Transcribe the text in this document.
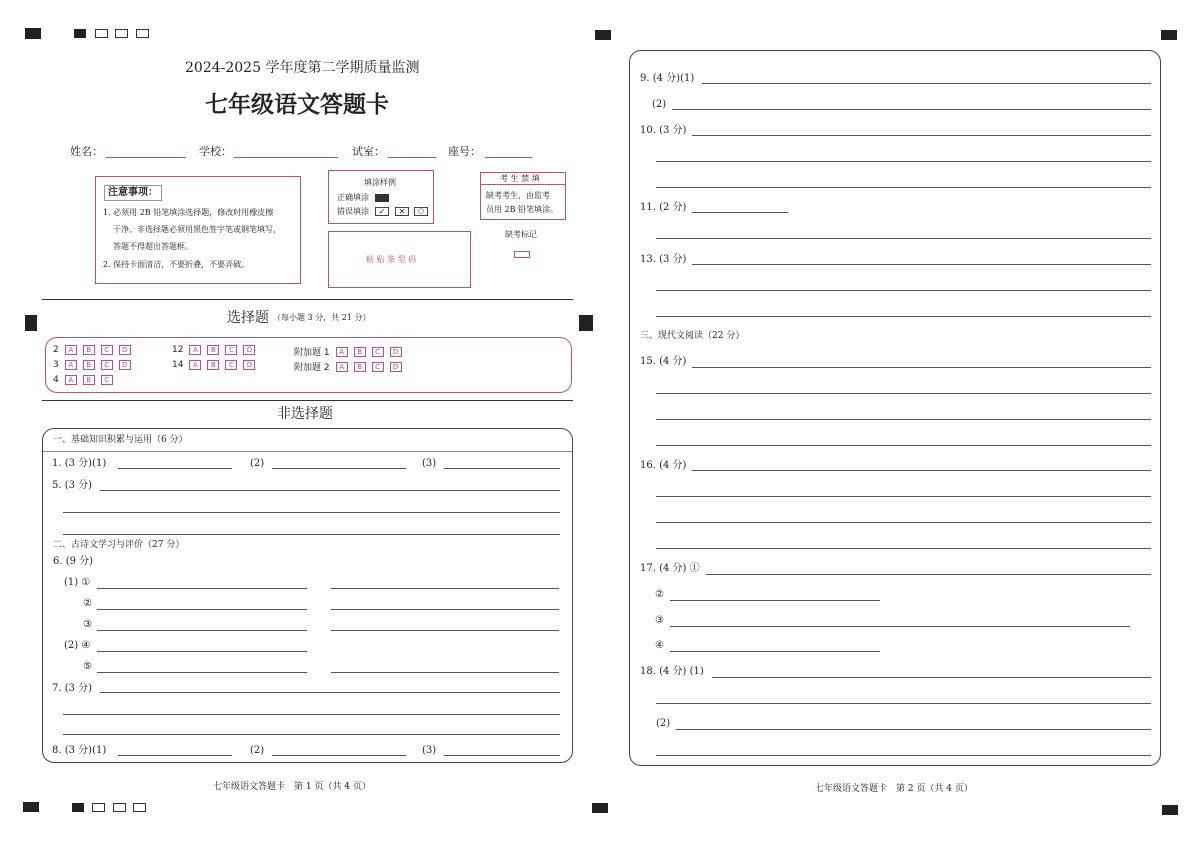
2024-2025 学年度第二学期质量监测
七年级语文答题卡
姓名：	学校：	试室：	座号：
注意事项：
1. 必须用 2B 铅笔填涂选择题，修改时用橡皮擦
干净。非选择题必须用黑色签字笔或钢笔填写，
答题不得超出答题框。
2. 保持卡面清洁，不要折叠，不要弄破。
填涂样例
正确填涂
错误填涂	✓	✕	○
粘 贴 条 型 码
考 生 禁 填
缺考考生，由监考
员用 2B 铅笔填涂。
缺考标记
选择题 （每小题 3 分，共 21 分）
2	A	B	C	D
3	A	B	C	D
4	A	B	C
12	A	B	C	D
14	A	B	C	D
附加题 1	A	B	C	D
附加题 2	A	B	C	D
非选择题
一、基础知识积累与运用（6 分）
1. (3 分)(1)	(2)	(3)
5. (3 分)
二、古诗文学习与评价（27 分）
6. (9 分)
(1) ①
②
③
(2) ④
⑤
7. (3 分)
8. (3 分)(1)	(2)	(3)
七年级语文答题卡　第 1 页（共 4 页）
9. (4 分)(1)
(2)
10. (3 分)
11. (2 分)
13. (3 分)
三、现代文阅读（22 分）
15. (4 分)
16. (4 分)
17. (4 分) ①
②
③
④
18. (4 分) (1)
(2)
七年级语文答题卡　第 2 页（共 4 页）
